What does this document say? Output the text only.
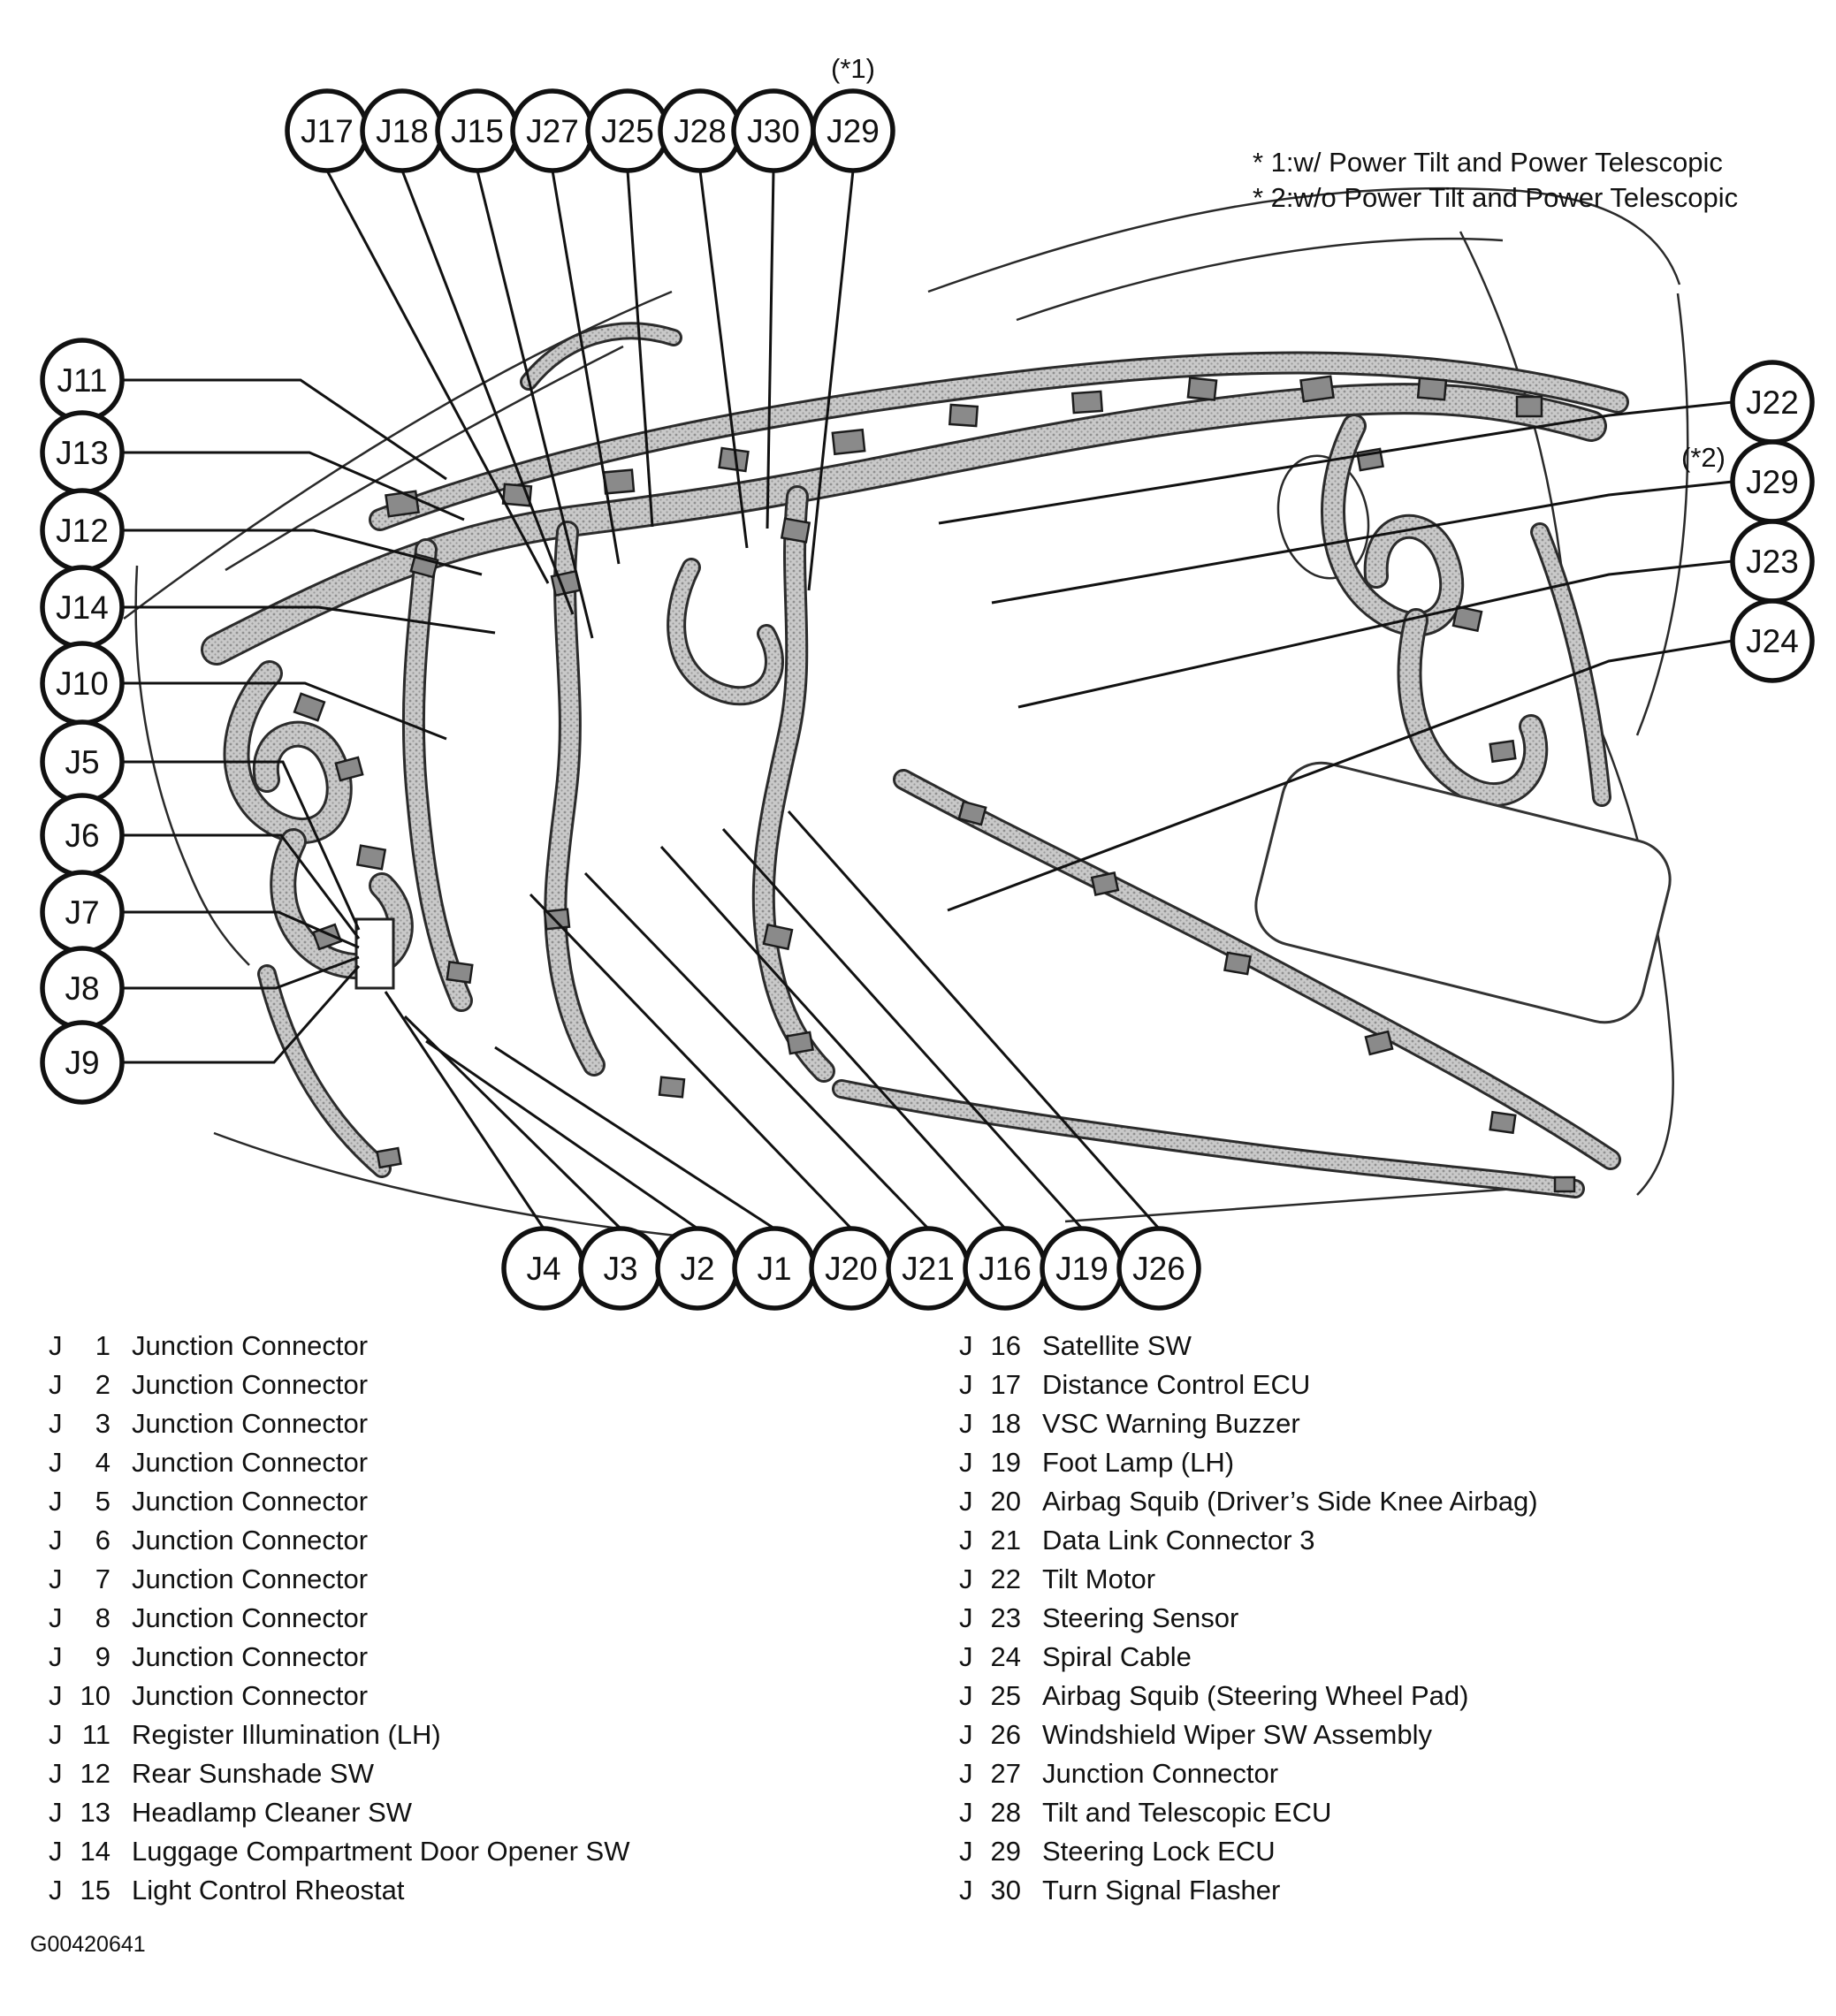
J17 J18 J15 J27 J25 J28 J30 J29
J11
J13
J12
J14
J10
J5
J6
J7
J8
J9
J4 J3 J2 J1 J20 J21 J16 J19 J26
J22
J29
J23
J24
(*1)
(*2)
* 1:w/ Power Tilt and Power Telescopic
* 2:w/o Power Tilt and Power Telescopic
J	1 Junction Connector
J	2 Junction Connector
J	3 Junction Connector
J	4 Junction Connector
J	5 Junction Connector
J	6 Junction Connector
J	7 Junction Connector
J	8 Junction Connector
J	9 Junction Connector
J 10 Junction Connector
J 11 Register Illumination (LH)
J 12 Rear Sunshade SW
J 13 Headlamp Cleaner SW
J 14 Luggage Compartment Door Opener SW
J 15 Light Control Rheostat
J 16 Satellite SW
J 17 Distance Control ECU
J 18 VSC Warning Buzzer
J 19 Foot Lamp (LH)
J 20 Airbag Squib (Driver’s Side Knee Airbag)
J 21 Data Link Connector 3
J 22 Tilt Motor
J 23 Steering Sensor
J 24 Spiral Cable
J 25 Airbag Squib (Steering Wheel Pad)
J 26 Windshield Wiper SW Assembly
J 27 Junction Connector
J 28 Tilt and Telescopic ECU
J 29 Steering Lock ECU
J 30 Turn Signal Flasher
G00420641
